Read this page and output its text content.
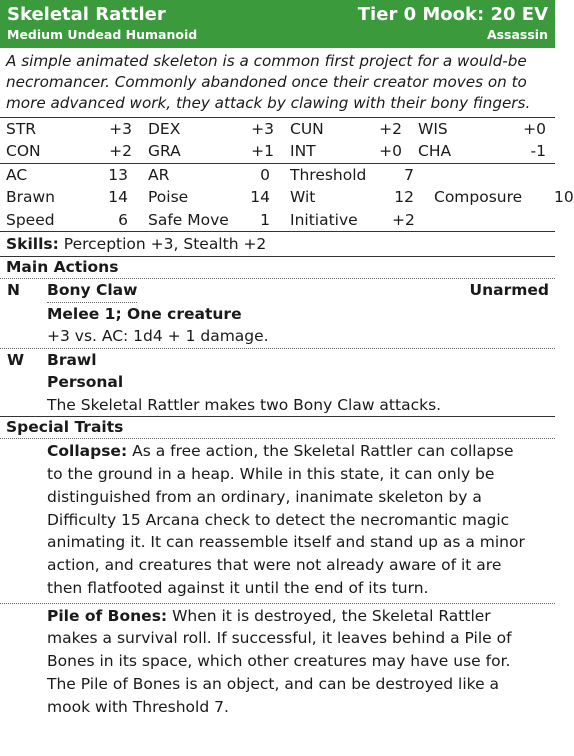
Skeletal Rattler	Tier 0 Mook: 20 EV
Medium Undead Humanoid	Assassin
A simple animated skeleton is a common first project for a would-be necromancer. Commonly abandoned once their creator moves on to more advanced work, they attack by clawing with their bony fingers.
STR	+3	DEX	+3	CUN	+2	WIS	+0
CON	+2	GRA	+1	INT	+0	CHA	-1
AC	13	AR	0	Threshold	7
Brawn	14	Poise	14	Wit	12	Composure	10
Speed	6	Safe Move	1	Initiative	+2
Skills: Perception +3, Stealth +2
Main Actions
N Bony Claw	Unarmed
Melee 1; One creature
+3 vs. AC: 1d4 + 1 damage.
W Brawl
Personal
The Skeletal Rattler makes two Bony Claw attacks.
Special Traits
Collapse: As a free action, the Skeletal Rattler can collapse to the ground in a heap. While in this state, it can only be distinguished from an ordinary, inanimate skeleton by a Difficulty 15 Arcana check to detect the necromantic magic animating it. It can reassemble itself and stand up as a minor action, and creatures that were not already aware of it are then flatfooted against it until the end of its turn.
Pile of Bones: When it is destroyed, the Skeletal Rattler makes a survival roll. If successful, it leaves behind a Pile of Bones in its space, which other creatures may have use for. The Pile of Bones is an object, and can be destroyed like a mook with Threshold 7.
